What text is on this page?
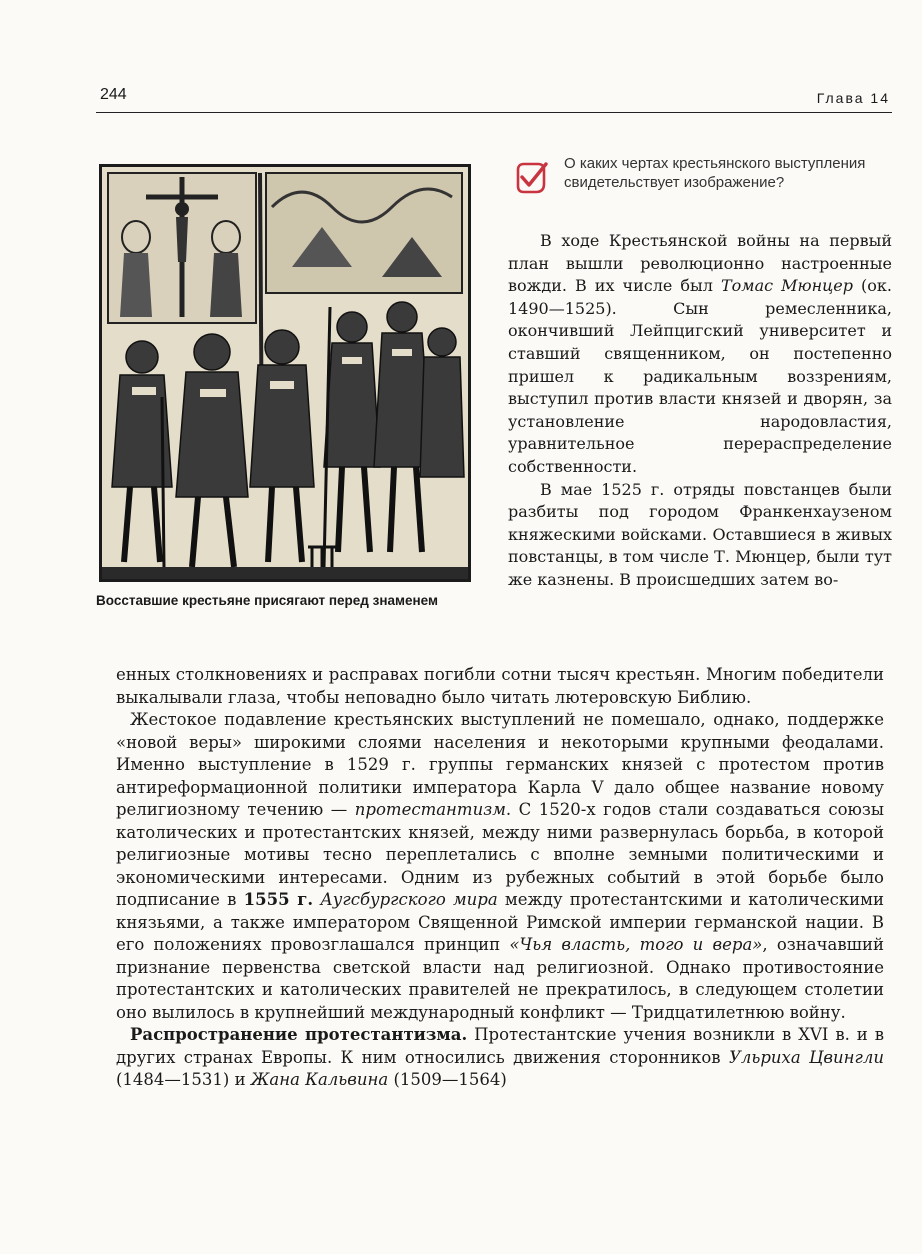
244	Глава 14
Восставшие крестьяне присягают перед знаменем
О каких чертах крестьянского выступления свидетельствует изображение?

В ходе Крестьянской войны на первый план вышли революционно настроенные вожди. В их числе был Томас Мюнцер (ок. 1490—1525). Сын ремесленника, окончивший Лейпцигский университет и ставший священником, он постепенно пришел к радикальным воззрениям, выступил против власти князей и дворян, за установление народовластия, уравнительное перераспределение собственности.

В мае 1525 г. отряды повстанцев были разбиты под городом Франкенхаузеном княжескими войсками. Оставшиеся в живых повстанцы, в том числе Т. Мюнцер, были тут же казнены. В происшедших затем во-

енных столкновениях и расправах погибли сотни тысяч крестьян. Многим победители выкалывали глаза, чтобы неповадно было читать лютеровскую Библию.

Жестокое подавление крестьянских выступлений не помешало, однако, поддержке «новой веры» широкими слоями населения и некоторыми крупными феодалами. Именно выступление в 1529 г. группы германских князей с протестом против антиреформационной политики императора Карла V дало общее название новому религиозному течению — протестантизм. С 1520-х годов стали создаваться союзы католических и протестантских князей, между ними развернулась борьба, в которой религиозные мотивы тесно переплетались с вполне земными политическими и экономическими интересами. Одним из рубежных событий в этой борьбе было подписание в 1555 г. Аугсбургского мира между протестантскими и католическими князьями, а также императором Священной Римской империи германской нации. В его положениях провозглашался принцип «Чья власть, того и вера», означавший признание первенства светской власти над религиозной. Однако противостояние протестантских и католических правителей не прекратилось, в следующем столетии оно вылилось в крупнейший международный конфликт — Тридцатилетнюю войну.

Распространение протестантизма. Протестантские учения возникли в XVI в. и в других странах Европы. К ним относились движения сторонников Ульриха Цвингли (1484—1531) и Жана Кальвина (1509—1564)
